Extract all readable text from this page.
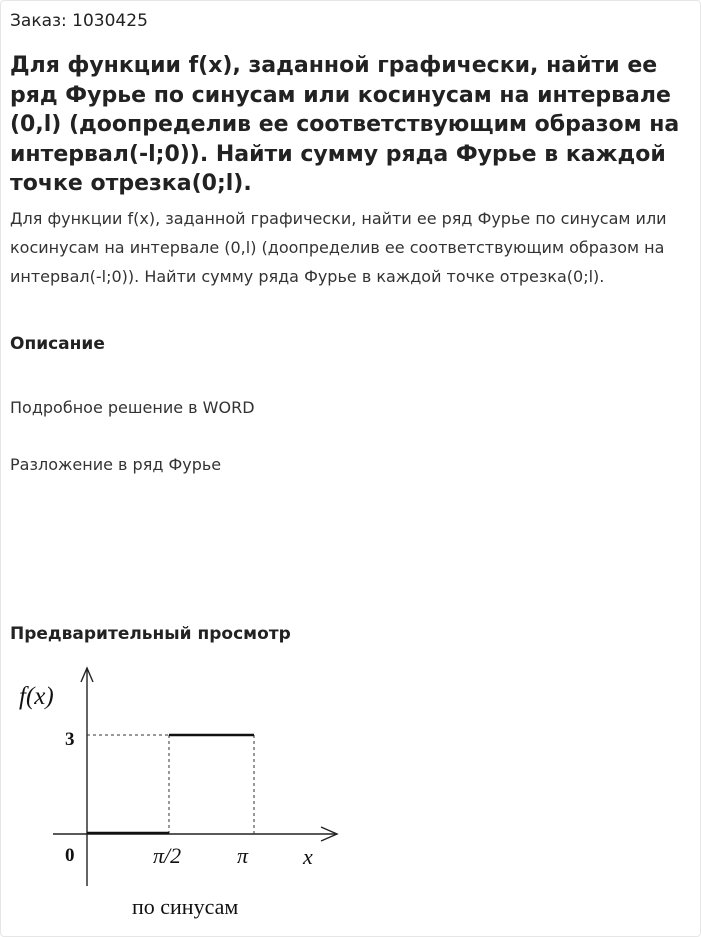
Заказ: 1030425
Для функции f(x), заданной графически, найти ее ряд Фурье по синусам или косинусам на интервале (0,l) (доопределив ее соответствующим образом на интервал(-l;0)). Найти сумму ряда Фурье в каждой точке отрезка(0;l).

Для функции f(x), заданной графически, найти ее ряд Фурье по синусам или косинусам на интервале (0,l) (доопределив ее соответствующим образом на интервал(-l;0)). Найти сумму ряда Фурье в каждой точке отрезка(0;l).

Описание

Подробное решение в WORD

Разложение в ряд Фурье

Предварительный просмотр
f(x)
3
0	π/2	π x
по синусам
